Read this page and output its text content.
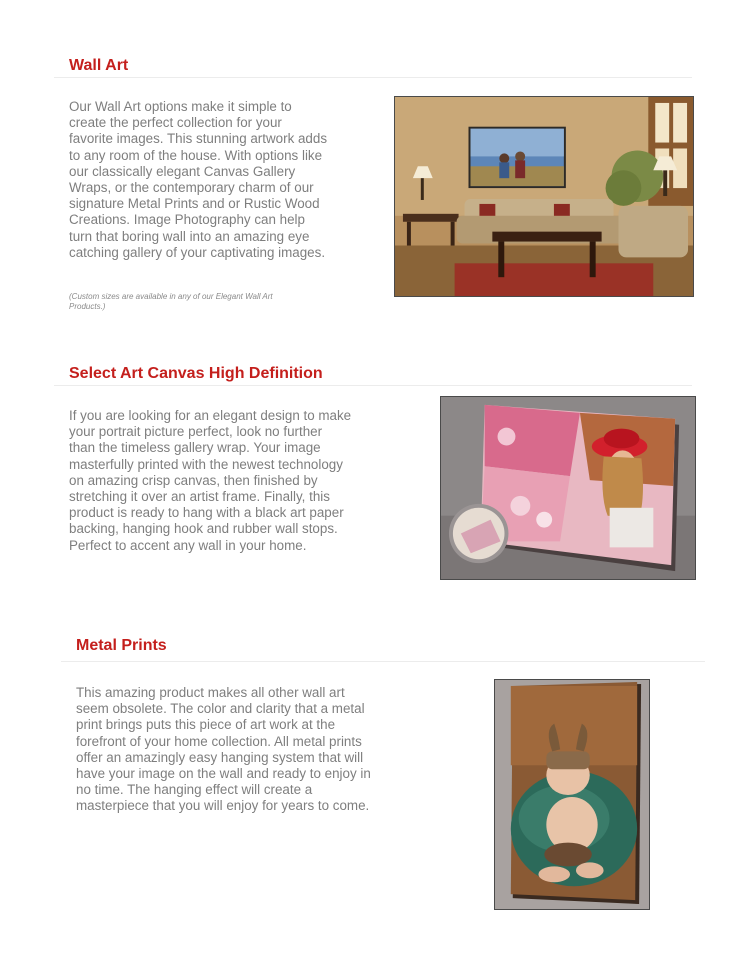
Wall Art

Our Wall Art options make it simple to
create the perfect collection for your
favorite images. This stunning artwork adds
to any room of the house. With options like
our classically elegant Canvas Gallery
Wraps, or the contemporary charm of our
signature Metal Prints and or Rustic Wood
Creations. Image Photography can help
turn that boring wall into an amazing eye
catching gallery of your captivating images.

(Custom sizes are available in any of our Elegant Wall Art
Products.)

Select Art Canvas High Definition

If you are looking for an elegant design to make
your portrait picture perfect, look no further
than the timeless gallery wrap. Your image
masterfully printed with the newest technology
on amazing crisp canvas, then finished by
stretching it over an artist frame. Finally, this
product is ready to hang with a black art paper
backing, hanging hook and rubber wall stops.
Perfect to accent any wall in your home.

Metal Prints

This amazing product makes all other wall art
seem obsolete. The color and clarity that a metal
print brings puts this piece of art work at the
forefront of your home collection. All metal prints
offer an amazingly easy hanging system that will
have your image on the wall and ready to enjoy in
no time. The hanging effect will create a
masterpiece that you will enjoy for years to come.
